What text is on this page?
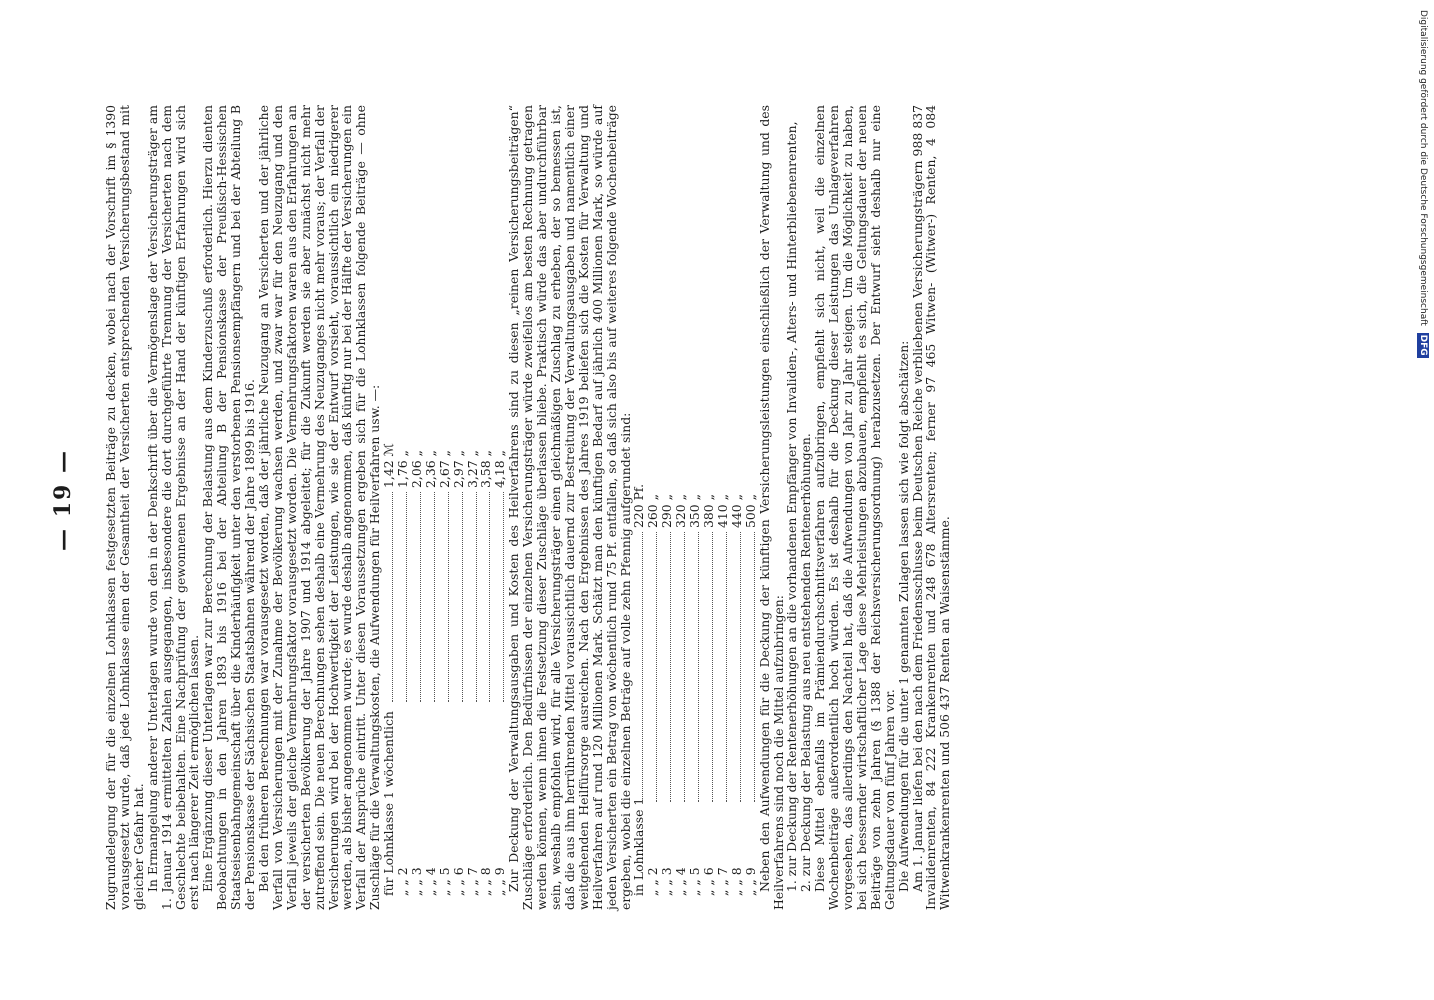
— 19 — Zugrundelegung der für die einzelnen Lohnklassen festgesetzten Beiträge zu decken, wobei nach der Vorschrift im § 1390 vorausgesetzt wurde, daß jede Lohnklasse einen der Gesamtheit der Versicherten entsprechenden Versicherungsbestand mit gleicher Gefahr hat.

In Ermangelung anderer Unterlagen wurde von den in der Denkschrift über die Vermögenslage der Versicherungsträger am 1. Januar 1914 ermittelten Zahlen ausgegangen, insbesondere die dort durchgeführte Trennung der Versicherten nach dem Geschlechte beibehalten. Eine Nachprüfung der gewonnenen Ergebnisse an der Hand der künftigen Erfahrungen wird sich erst nach längerer Zeit ermöglichen lassen.

Eine Ergänzung dieser Unterlagen war zur Berechnung der Belastung aus dem Kinderzuschuß erforderlich. Hierzu dienten Beobachtungen in den Jahren 1893 bis 1916 bei der Abteilung B der Pensionskasse der Preußisch-Hessischen Staatseisenbahngemeinschaft über die Kinderhäufigkeit unter den verstorbenen Pensionsempfängern und bei der Abteilung B der Pensionskasse der Sächsischen Staatsbahnen während der Jahre 1899 bis 1916.

Bei den früheren Berechnungen war vorausgesetzt worden, daß der jährliche Neuzugang an Versicherten und der jährliche Verfall von Versicherungen mit der Zunahme der Bevölkerung wachsen werden, und zwar war für den Neuzugang und den Verfall jeweils der gleiche Vermehrungsfaktor vorausgesetzt worden. Die Vermehrungsfaktoren waren aus den Erfahrungen an der versicherten Bevölkerung der Jahre 1907 und 1914 abgeleitet; für die Zukunft werden sie aber zunächst nicht mehr zutreffend sein. Die neuen Berechnungen sehen deshalb eine Vermehrung des Neuzuganges nicht mehr voraus; der Verfall der Versicherungen wird bei der Hochwertigkeit der Leistungen, wie sie der Entwurf vorsieht, voraussichtlich ein niedrigerer werden, als bisher angenommen wurde; es wurde deshalb angenommen, daß künftig nur bei der Hälfte der Versicherungen ein Verfall der Ansprüche eintritt. Unter diesen Voraussetzungen ergeben sich für die Lohnklassen folgende Beiträge — ohne Zuschläge für die Verwaltungskosten, die Aufwendungen für Heilverfahren usw. —:

für Lohnklasse 1 wöchentlich
1,42 ℳ
„ „ 2
1,76 „
„ „ 3
2,06 „
„ „ 4
2,36 „
„ „ 5
2,67 „
„ „ 6
2,97 „
„ „ 7
3,27 „
„ „ 8
3,58 „
„ „ 9
4,18 „

Zur Deckung der Verwaltungsausgaben und Kosten des Heilverfahrens sind zu diesen „reinen Versicherungsbeiträgen“ Zuschläge erforderlich. Den Bedürfnissen der einzelnen Versicherungsträger würde zweifellos am besten Rechnung getragen werden können, wenn ihnen die Festsetzung dieser Zuschläge überlassen bliebe. Praktisch würde das aber undurchführbar sein, weshalb empfohlen wird, für alle Versicherungsträger einen gleichmäßigen Zuschlag zu erheben, der so bemessen ist, daß die aus ihm herrührenden Mittel voraussichtlich dauernd zur Bestreitung der Verwaltungsausgaben und namentlich einer weitgehenden Heilfürsorge ausreichen. Nach den Ergebnissen des Jahres 1919 beliefen sich die Kosten für Verwaltung und Heilverfahren auf rund 120 Millionen Mark. Schätzt man den künftigen Bedarf auf jährlich 400 Millionen Mark, so würde auf jeden Versicherten ein Betrag von wöchentlich rund 75 Pf. entfallen, so daß sich also bis auf weiteres folgende Wochenbeiträge ergeben, wobei die einzelnen Beträge auf volle zehn Pfennig aufgerundet sind:

in Lohnklasse 1
220 Pf.
„ „ 2
260 „
„ „ 3
290 „
„ „ 4
320 „
„ „ 5
350 „
„ „ 6
380 „
„ „ 7
410 „
„ „ 8
440 „
„ „ 9
500 „

Neben den Aufwendungen für die Deckung der künftigen Versicherungsleistungen einschließlich der Verwaltung und des Heilverfahrens sind noch die Mittel aufzubringen:

1. zur Deckung der Rentenerhöhungen an die vorhandenen Empfänger von Invaliden-, Alters- und Hinterbliebenenrenten,

2. zur Deckung der Belastung aus neu entstehenden Rentenerhöhungen.

Diese Mittel ebenfalls im Prämiendurchschnittsverfahren aufzubringen, empfiehlt sich nicht, weil die einzelnen Wochenbeiträge außerordentlich hoch würden. Es ist deshalb für die Deckung dieser Leistungen das Umlageverfahren vorgesehen, das allerdings den Nachteil hat, daß die Aufwendungen von Jahr zu Jahr steigen. Um die Möglichkeit zu haben, bei sich bessernder wirtschaftlicher Lage diese Mehrleistungen abzubauen, empfiehlt es sich, die Geltungsdauer der neuen Beiträge von zehn Jahren (§ 1388 der Reichsversicherungsordnung) herabzusetzen. Der Entwurf sieht deshalb nur eine Geltungsdauer von fünf Jahren vor.

Die Aufwendungen für die unter 1 genannten Zulagen lassen sich wie folgt abschätzen:

Am 1. Januar liefen bei den nach dem Friedensschlusse beim Deutschen Reiche verbliebenen Versicherungsträgern 988 837 Invalidenrenten, 84 222 Krankenrenten und 248 678 Altersrenten; ferner 97 465 Witwen- (Witwer-) Renten, 4 084 Witwenkrankenrenten und 506 437 Renten an Waisenstämme.

Digitalisierung gefördert durch die Deutsche Forschungsgemeinschaft DFG
